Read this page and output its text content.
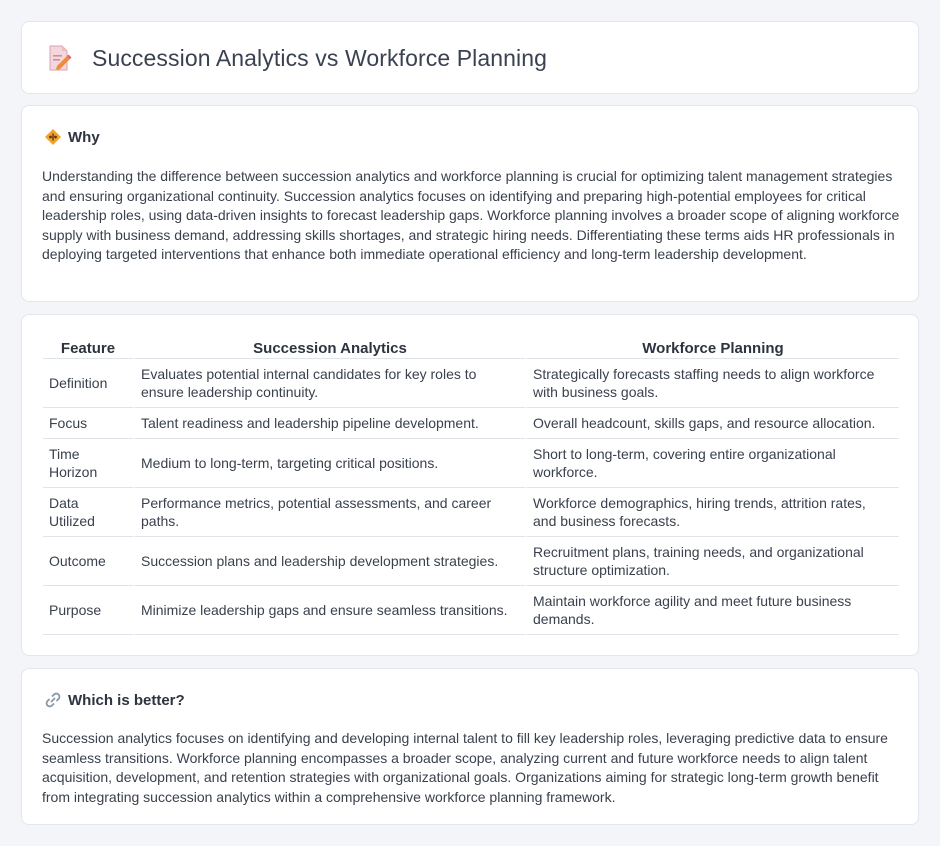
Succession Analytics vs Workforce Planning
Why

Understanding the difference between succession analytics and workforce planning is crucial for optimizing talent management strategies and ensuring organizational continuity. Succession analytics focuses on identifying and preparing high-potential employees for critical leadership roles, using data-driven insights to forecast leadership gaps. Workforce planning involves a broader scope of aligning workforce supply with business demand, addressing skills shortages, and strategic hiring needs. Differentiating these terms aids HR professionals in deploying targeted interventions that enhance both immediate operational efficiency and long-term leadership development.

Feature	Succession Analytics	Workforce Planning
Definition	Evaluates potential internal candidates for key roles to ensure leadership continuity.	Strategically forecasts staffing needs to align workforce with business goals.
Focus	Talent readiness and leadership pipeline development.	Overall headcount, skills gaps, and resource allocation.
Time Horizon	Medium to long-term, targeting critical positions.	Short to long-term, covering entire organizational workforce.
Data Utilized	Performance metrics, potential assessments, and career paths.	Workforce demographics, hiring trends, attrition rates, and business forecasts.
Outcome	Succession plans and leadership development strategies.	Recruitment plans, training needs, and organizational structure optimization.
Purpose	Minimize leadership gaps and ensure seamless transitions.	Maintain workforce agility and meet future business demands.
Which is better?

Succession analytics focuses on identifying and developing internal talent to fill key leadership roles, leveraging predictive data to ensure seamless transitions. Workforce planning encompasses a broader scope, analyzing current and future workforce needs to align talent acquisition, development, and retention strategies with organizational goals. Organizations aiming for strategic long-term growth benefit from integrating succession analytics within a comprehensive workforce planning framework.
